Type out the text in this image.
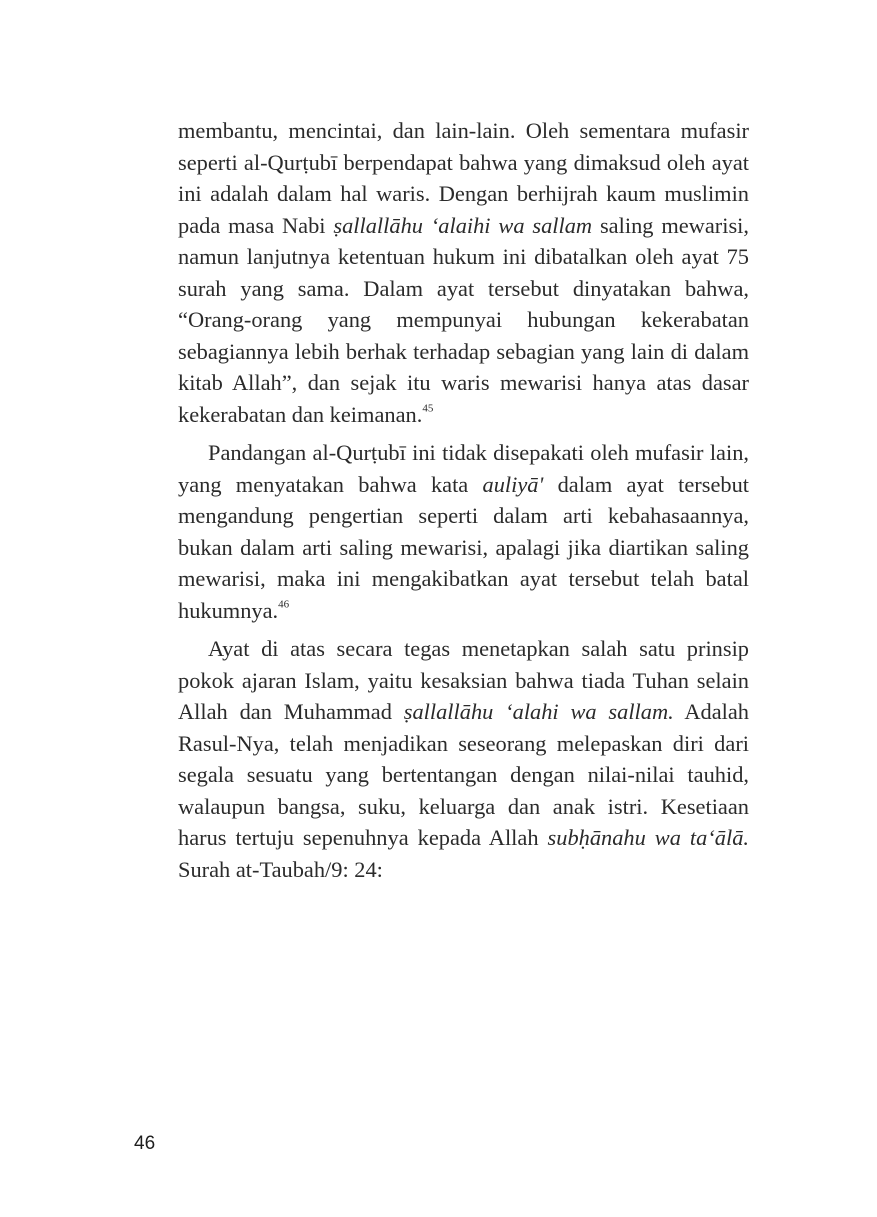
membantu, mencintai, dan lain-lain. Oleh sementara mufasir seperti al-Qurṭubī berpendapat bahwa yang dimaksud oleh ayat ini adalah dalam hal waris. Dengan berhijrah kaum muslimin pada masa Nabi ṣallallāhu ‘alaihi wa sallam saling mewarisi, namun lanjutnya ketentuan hukum ini dibatalkan oleh ayat 75 surah yang sama. Dalam ayat tersebut dinyatakan bahwa, “Orang-orang yang mempunyai hubungan kekerabatan sebagiannya lebih berhak terhadap sebagian yang lain di dalam kitab Allah”, dan sejak itu waris mewarisi hanya atas dasar kekerabatan dan keimanan.$^{45}$

Pandangan al-Qurṭubī ini tidak disepakati oleh mufasir lain, yang menyatakan bahwa kata auliyā' dalam ayat tersebut mengandung pengertian seperti dalam arti kebahasaannya, bukan dalam arti saling mewarisi, apalagi jika diartikan saling mewarisi, maka ini mengakibatkan ayat tersebut telah batal hukumnya.$^{46}$

Ayat di atas secara tegas menetapkan salah satu prinsip pokok ajaran Islam, yaitu kesaksian bahwa tiada Tuhan selain Allah dan Muhammad ṣallallāhu ‘alahi wa sallam. Adalah Rasul-Nya, telah menjadikan seseorang melepaskan diri dari segala sesuatu yang bertentangan dengan nilai-nilai tauhid, walaupun bangsa, suku, keluarga dan anak istri. Kesetiaan harus tertuju sepenuhnya kepada Allah subḥānahu wa ta‘ālā. Surah at-Taubah/9: 24:

46
